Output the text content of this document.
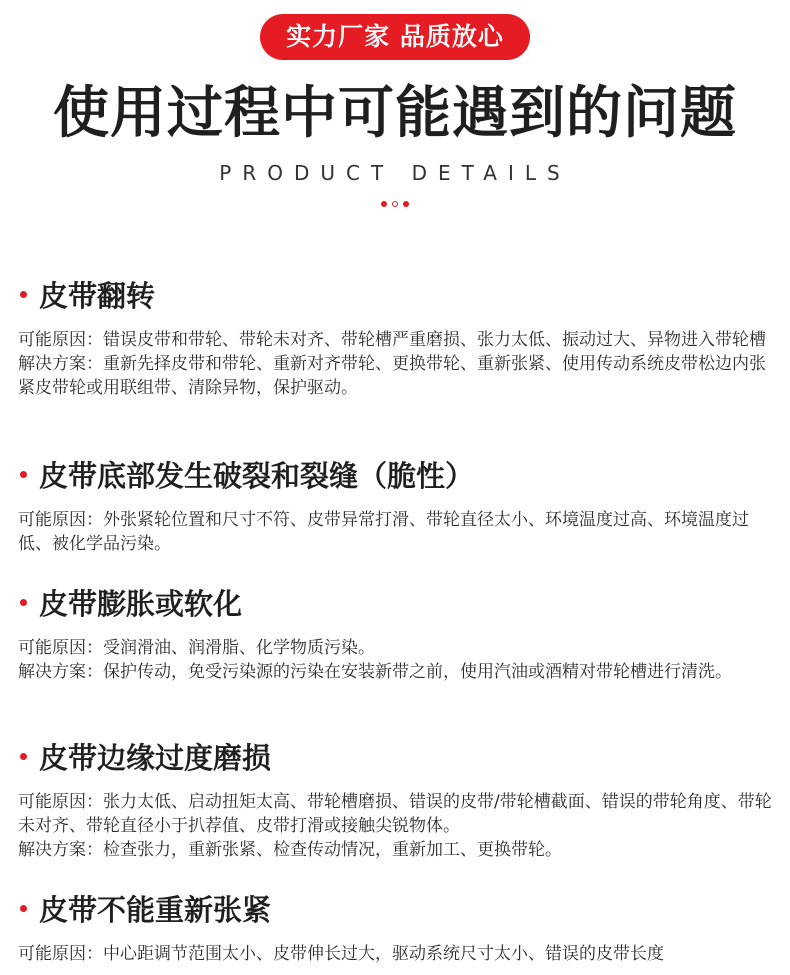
实力厂家 品质放心
使用过程中可能遇到的问题
PRODUCT DETAILS
皮带翻转

可能原因：错误皮带和带轮、带轮未对齐、带轮槽严重磨损、张力太低、振动过大、异物进入带轮槽

解决方案：重新先择皮带和带轮、重新对齐带轮、更换带轮、重新张紧、使用传动系统皮带松边内张紧皮带轮或用联组带、清除异物，保护驱动。

皮带底部发生破裂和裂缝（脆性）

可能原因：外张紧轮位置和尺寸不符、皮带异常打滑、带轮直径太小、环境温度过高、环境温度过低、被化学品污染。

皮带膨胀或软化

可能原因：受润滑油、润滑脂、化学物质污染。

解决方案：保护传动，免受污染源的污染在安装新带之前，使用汽油或酒精对带轮槽进行清洗。

皮带边缘过度磨损

可能原因：张力太低、启动扭矩太高、带轮槽磨损、错误的皮带/带轮槽截面、错误的带轮角度、带轮未对齐、带轮直径小于扒荐值、皮带打滑或接触尖锐物体。

解决方案：检查张力，重新张紧、检查传动情况，重新加工、更换带轮。

皮带不能重新张紧

可能原因：中心距调节范围太小、皮带伸长过大，驱动系统尺寸太小、错误的皮带长度
